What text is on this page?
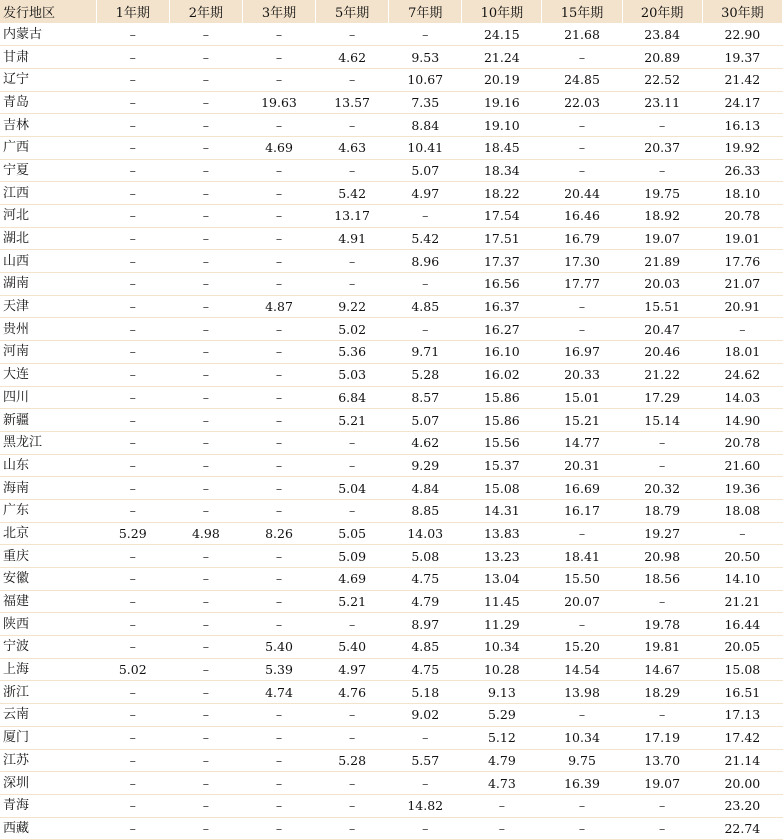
发行地区	1年期	2年期	3年期	5年期	7年期	10年期	15年期	20年期	30年期
内蒙古	–	–	–	–	–	24.15	21.68	23.84	22.90
甘肃	–	–	–	4.62	9.53	21.24	–	20.89	19.37
辽宁	–	–	–	–	10.67	20.19	24.85	22.52	21.42
青岛	–	–	19.63	13.57	7.35	19.16	22.03	23.11	24.17
吉林	–	–	–	–	8.84	19.10	–	–	16.13
广西	–	–	4.69	4.63	10.41	18.45	–	20.37	19.92
宁夏	–	–	–	–	5.07	18.34	–	–	26.33
江西	–	–	–	5.42	4.97	18.22	20.44	19.75	18.10
河北	–	–	–	13.17	–	17.54	16.46	18.92	20.78
湖北	–	–	–	4.91	5.42	17.51	16.79	19.07	19.01
山西	–	–	–	–	8.96	17.37	17.30	21.89	17.76
湖南	–	–	–	–	–	16.56	17.77	20.03	21.07
天津	–	–	4.87	9.22	4.85	16.37	–	15.51	20.91
贵州	–	–	–	5.02	–	16.27	–	20.47	–
河南	–	–	–	5.36	9.71	16.10	16.97	20.46	18.01
大连	–	–	–	5.03	5.28	16.02	20.33	21.22	24.62
四川	–	–	–	6.84	8.57	15.86	15.01	17.29	14.03
新疆	–	–	–	5.21	5.07	15.86	15.21	15.14	14.90
黑龙江	–	–	–	–	4.62	15.56	14.77	–	20.78
山东	–	–	–	–	9.29	15.37	20.31	–	21.60
海南	–	–	–	5.04	4.84	15.08	16.69	20.32	19.36
广东	–	–	–	–	8.85	14.31	16.17	18.79	18.08
北京	5.29	4.98	8.26	5.05	14.03	13.83	–	19.27	–
重庆	–	–	–	5.09	5.08	13.23	18.41	20.98	20.50
安徽	–	–	–	4.69	4.75	13.04	15.50	18.56	14.10
福建	–	–	–	5.21	4.79	11.45	20.07	–	21.21
陕西	–	–	–	–	8.97	11.29	–	19.78	16.44
宁波	–	–	5.40	5.40	4.85	10.34	15.20	19.81	20.05
上海	5.02	–	5.39	4.97	4.75	10.28	14.54	14.67	15.08
浙江	–	–	4.74	4.76	5.18	9.13	13.98	18.29	16.51
云南	–	–	–	–	9.02	5.29	–	–	17.13
厦门	–	–	–	–	–	5.12	10.34	17.19	17.42
江苏	–	–	–	5.28	5.57	4.79	9.75	13.70	21.14
深圳	–	–	–	–	–	4.73	16.39	19.07	20.00
青海	–	–	–	–	14.82	–	–	–	23.20
西藏	–	–	–	–	–	–	–	–	22.74
